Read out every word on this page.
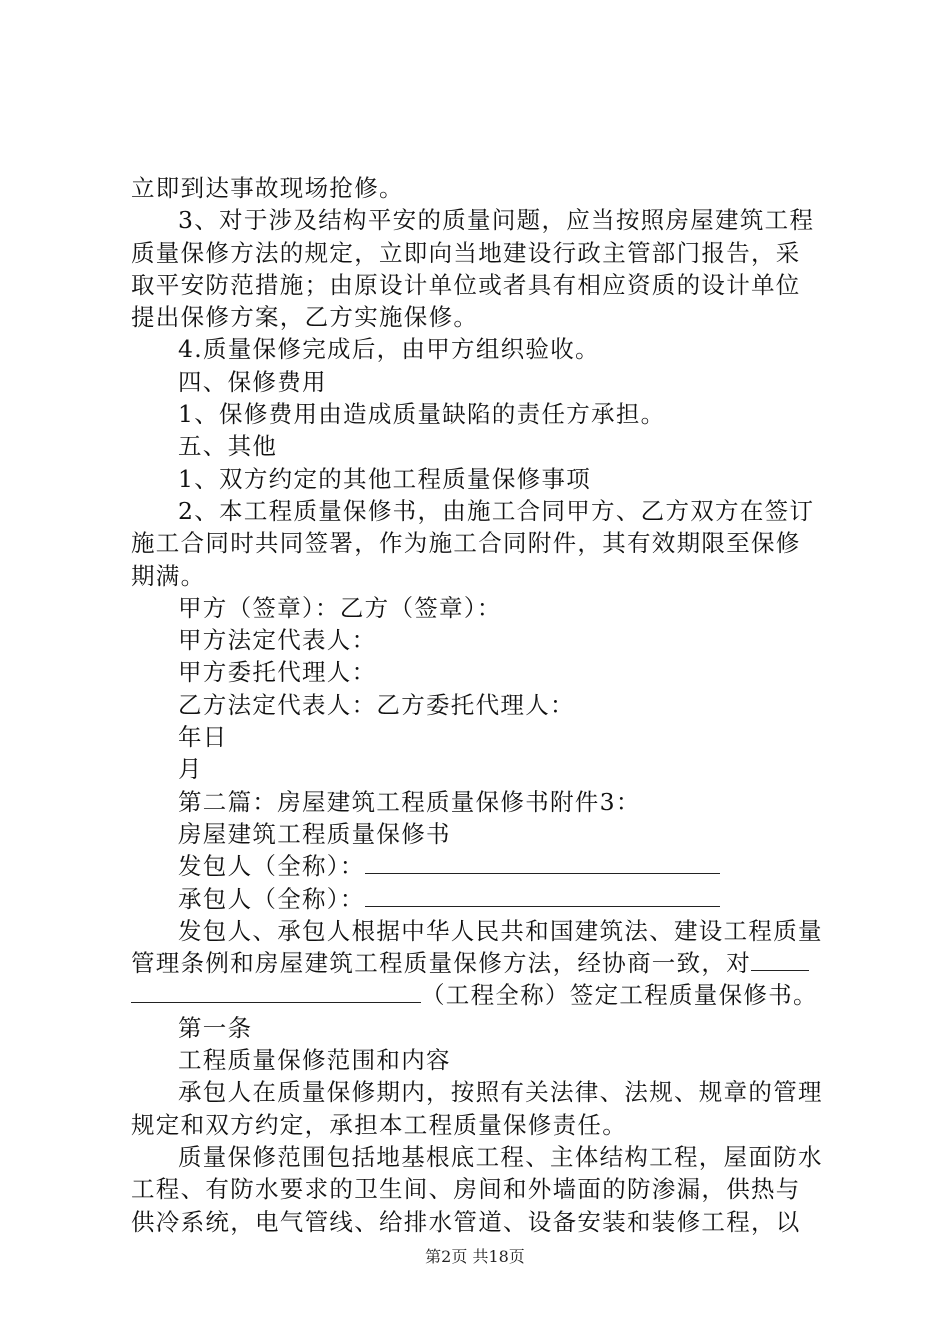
立即到达事故现场抢修。
3、对于涉及结构平安的质量问题，应当按照房屋建筑工程
质量保修方法的规定，立即向当地建设行政主管部门报告，采
取平安防范措施；由原设计单位或者具有相应资质的设计单位
提出保修方案，乙方实施保修。
4.质量保修完成后，由甲方组织验收。
四、保修费用
1、保修费用由造成质量缺陷的责任方承担。
五、其他
1、双方约定的其他工程质量保修事项
2、本工程质量保修书，由施工合同甲方、乙方双方在签订
施工合同时共同签署，作为施工合同附件，其有效期限至保修
期满。
甲方（签章）：乙方（签章）：
甲方法定代表人：
甲方委托代理人：
乙方法定代表人：乙方委托代理人：
年日
月
第二篇：房屋建筑工程质量保修书附件3：
房屋建筑工程质量保修书
发包人（全称）：
承包人（全称）：
发包人、承包人根据中华人民共和国建筑法、建设工程质量
管理条例和房屋建筑工程质量保修方法，经协商一致，对
（工程全称）签定工程质量保修书。
第一条
工程质量保修范围和内容
承包人在质量保修期内，按照有关法律、法规、规章的管理
规定和双方约定，承担本工程质量保修责任。
质量保修范围包括地基根底工程、主体结构工程，屋面防水
工程、有防水要求的卫生间、房间和外墙面的防渗漏，供热与
供冷系统，电气管线、给排水管道、设备安装和装修工程，以
第2页 共18页
